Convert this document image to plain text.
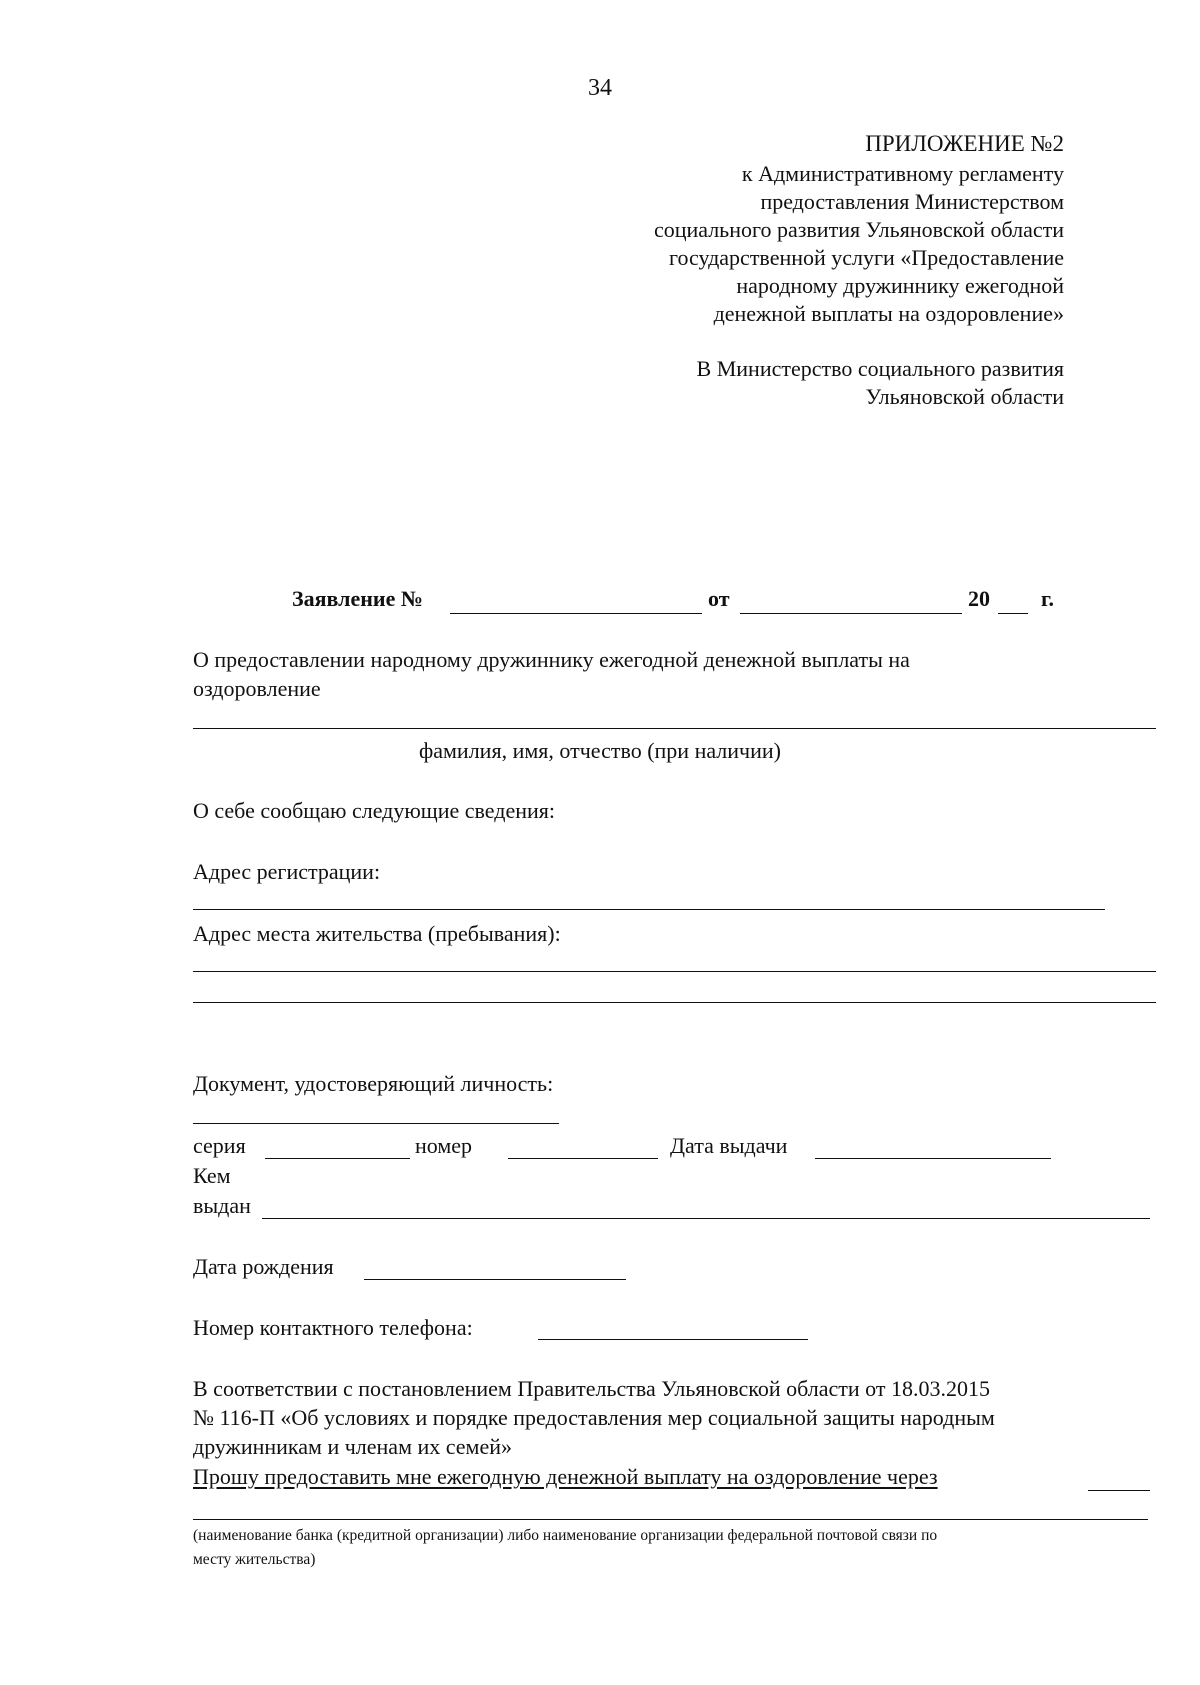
34
ПРИЛОЖЕНИЕ №2
к Административному регламенту
предоставления Министерством
социального развития Ульяновской области
государственной услуги «Предоставление
народному дружиннику ежегодной
денежной выплаты на оздоровление»
В Министерство социального развития
Ульяновской области
Заявление №	от	20 г.
О предоставлении народному дружиннику ежегодной денежной выплаты на
оздоровление
фамилия, имя, отчество (при наличии)
О себе сообщаю следующие сведения:
Адрес регистрации:
Адрес места жительства (пребывания):
Документ, удостоверяющий личность:
серия	номер	Дата выдачи
Кем
выдан
Дата рождения
Номер контактного телефона:
В соответствии с постановлением Правительства Ульяновской области от 18.03.2015
№ 116-П «Об условиях и порядке предоставления мер социальной защиты народным
дружинникам и членам их семей»
Прошу предоставить мне ежегодную денежной выплату на оздоровление через
(наименование банка (кредитной организации) либо наименование организации федеральной почтовой связи по
месту жительства)
